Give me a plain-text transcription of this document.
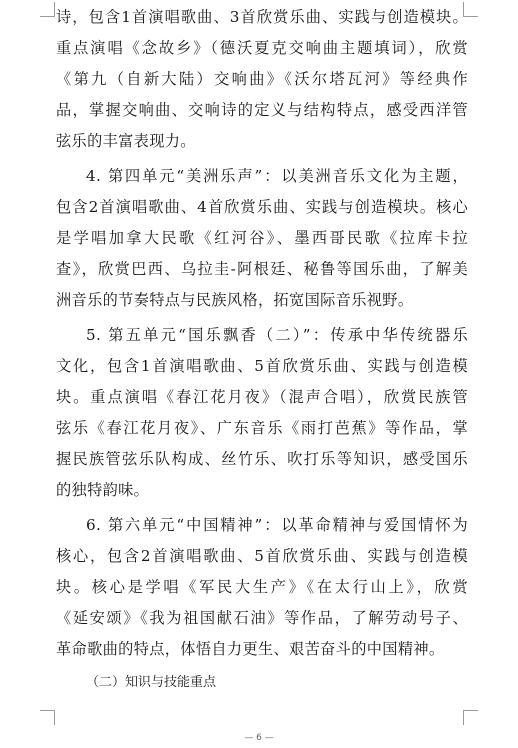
诗，包含1首演唱歌曲、3首欣赏乐曲、实践与创造模块。

重点演唱《念故乡》（德沃夏克交响曲主题填词），欣赏

《第九（自新大陆）交响曲》《沃尔塔瓦河》等经典作

品，掌握交响曲、交响诗的定义与结构特点，感受西洋管

弦乐的丰富表现力。

4. 第四单元“美洲乐声”：以美洲音乐文化为主题，

包含2首演唱歌曲、4首欣赏乐曲、实践与创造模块。核心

是学唱加拿大民歌《红河谷》、墨西哥民歌《拉库卡拉

查》，欣赏巴西、乌拉圭-阿根廷、秘鲁等国乐曲，了解美

洲音乐的节奏特点与民族风格，拓宽国际音乐视野。

5. 第五单元“国乐飘香（二）”：传承中华传统器乐

文化，包含1首演唱歌曲、5首欣赏乐曲、实践与创造模

块。重点演唱《春江花月夜》（混声合唱），欣赏民族管

弦乐《春江花月夜》、广东音乐《雨打芭蕉》等作品，掌

握民族管弦乐队构成、丝竹乐、吹打乐等知识，感受国乐

的独特韵味。

6. 第六单元“中国精神”：以革命精神与爱国情怀为

核心，包含2首演唱歌曲、5首欣赏乐曲、实践与创造模

块。核心是学唱《军民大生产》《在太行山上》，欣赏

《延安颂》《我为祖国献石油》等作品，了解劳动号子、

革命歌曲的特点，体悟自力更生、艰苦奋斗的中国精神。

（二）知识与技能重点

— 6 —
